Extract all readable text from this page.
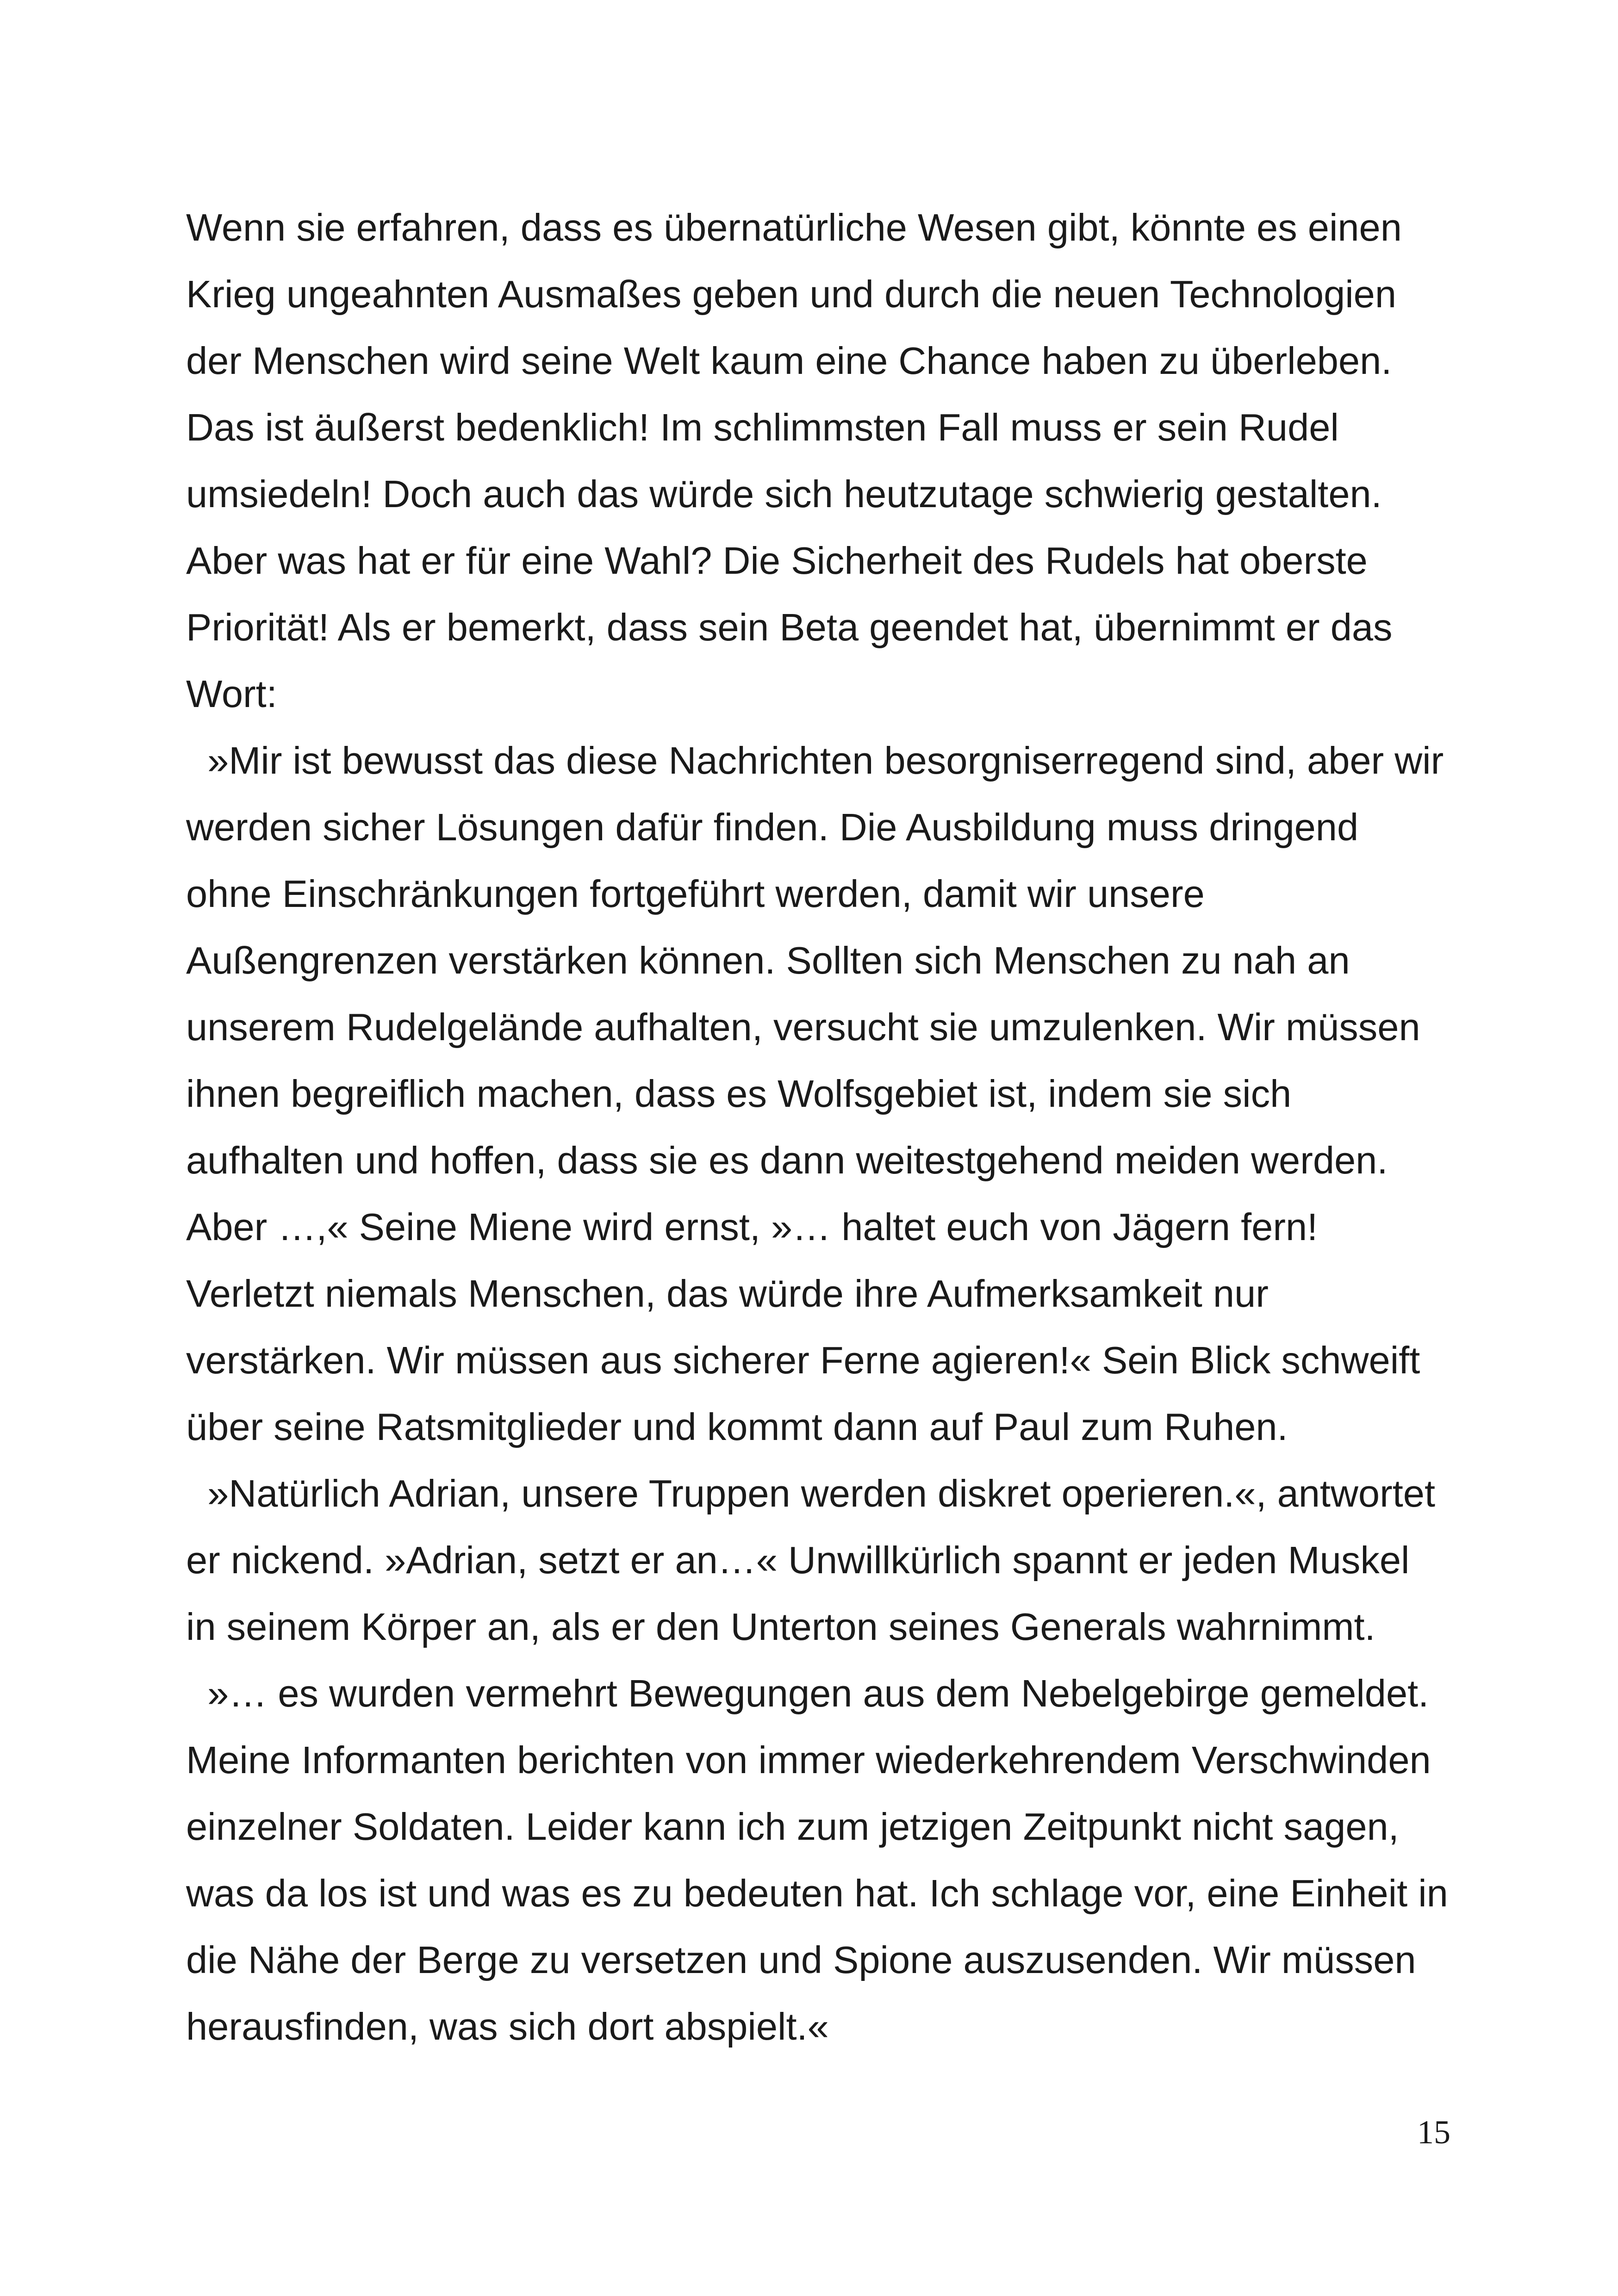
Wenn sie erfahren, dass es übernatürliche Wesen gibt, könnte es einen
Krieg ungeahnten Ausmaßes geben und durch die neuen Technologien
der Menschen wird seine Welt kaum eine Chance haben zu überleben.
Das ist äußerst bedenklich! Im schlimmsten Fall muss er sein Rudel
umsiedeln! Doch auch das würde sich heutzutage schwierig gestalten.
Aber was hat er für eine Wahl? Die Sicherheit des Rudels hat oberste
Priorität! Als er bemerkt, dass sein Beta geendet hat, übernimmt er das
Wort:
»Mir ist bewusst das diese Nachrichten besorgniserregend sind, aber wir
werden sicher Lösungen dafür finden. Die Ausbildung muss dringend
ohne Einschränkungen fortgeführt werden, damit wir unsere
Außengrenzen verstärken können. Sollten sich Menschen zu nah an
unserem Rudelgelände aufhalten, versucht sie umzulenken. Wir müssen
ihnen begreiflich machen, dass es Wolfsgebiet ist, indem sie sich
aufhalten und hoffen, dass sie es dann weitestgehend meiden werden.
Aber …,« Seine Miene wird ernst, »… haltet euch von Jägern fern!
Verletzt niemals Menschen, das würde ihre Aufmerksamkeit nur
verstärken. Wir müssen aus sicherer Ferne agieren!« Sein Blick schweift
über seine Ratsmitglieder und kommt dann auf Paul zum Ruhen.
»Natürlich Adrian, unsere Truppen werden diskret operieren.«, antwortet
er nickend. »Adrian, setzt er an…« Unwillkürlich spannt er jeden Muskel
in seinem Körper an, als er den Unterton seines Generals wahrnimmt.
»… es wurden vermehrt Bewegungen aus dem Nebelgebirge gemeldet.
Meine Informanten berichten von immer wiederkehrendem Verschwinden
einzelner Soldaten. Leider kann ich zum jetzigen Zeitpunkt nicht sagen,
was da los ist und was es zu bedeuten hat. Ich schlage vor, eine Einheit in
die Nähe der Berge zu versetzen und Spione auszusenden. Wir müssen
herausfinden, was sich dort abspielt.«
15
